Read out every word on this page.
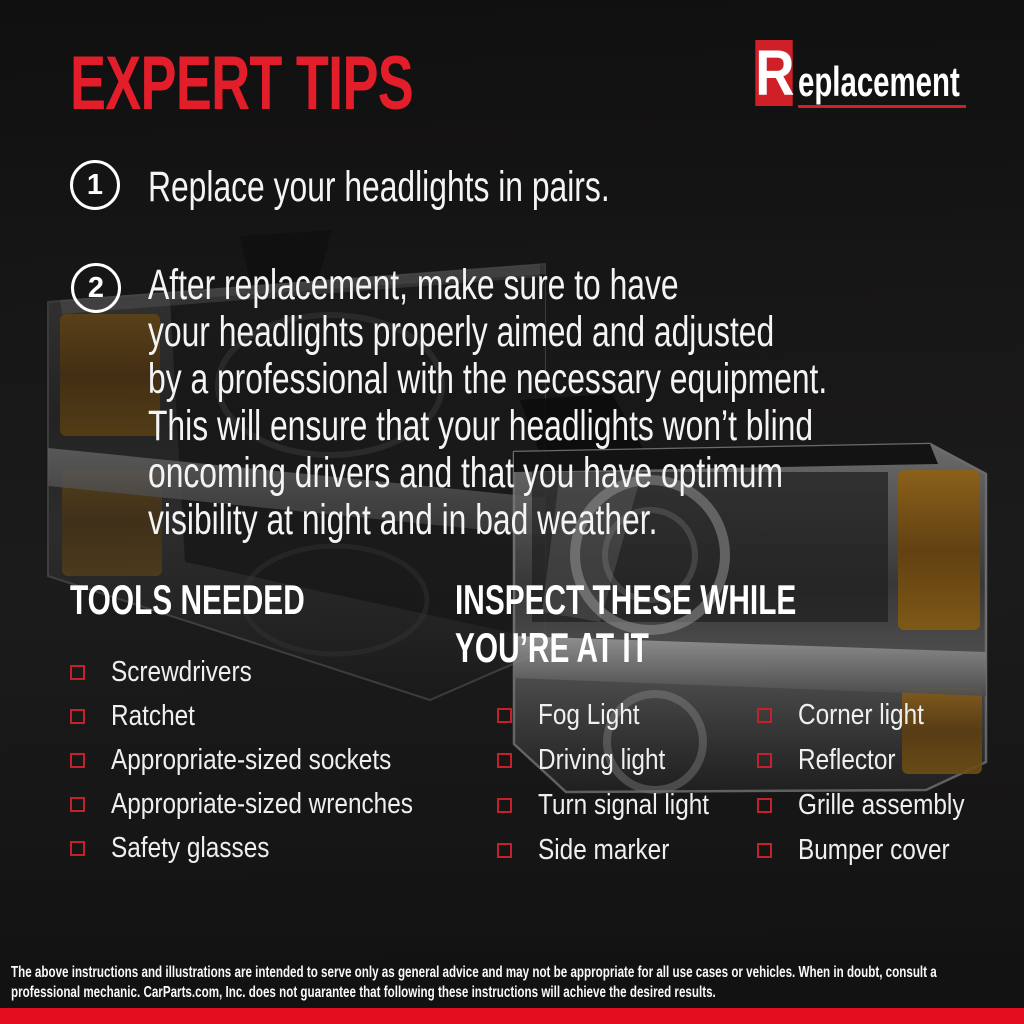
EXPERT TIPS	R eplacement
1 Replace your headlights in pairs.
2 After replacement, make sure to have
your headlights properly aimed and adjusted
by a professional with the necessary equipment.
This will ensure that your headlights won’t blind
oncoming drivers and that you have optimum
visibility at night and in bad weather.
TOOLS NEEDED
Screwdrivers
Ratchet
Appropriate-sized sockets
Appropriate-sized wrenches
Safety glasses
INSPECT THESE WHILE
YOU’RE AT IT
Fog Light
Driving light
Turn signal light
Side marker
Corner light
Reflector
Grille assembly
Bumper cover

The above instructions and illustrations are intended to serve only as general advice and may not be appropriate for all use cases or vehicles. When in doubt, consult a

professional mechanic. CarParts.com, Inc. does not guarantee that following these instructions will achieve the desired results.
